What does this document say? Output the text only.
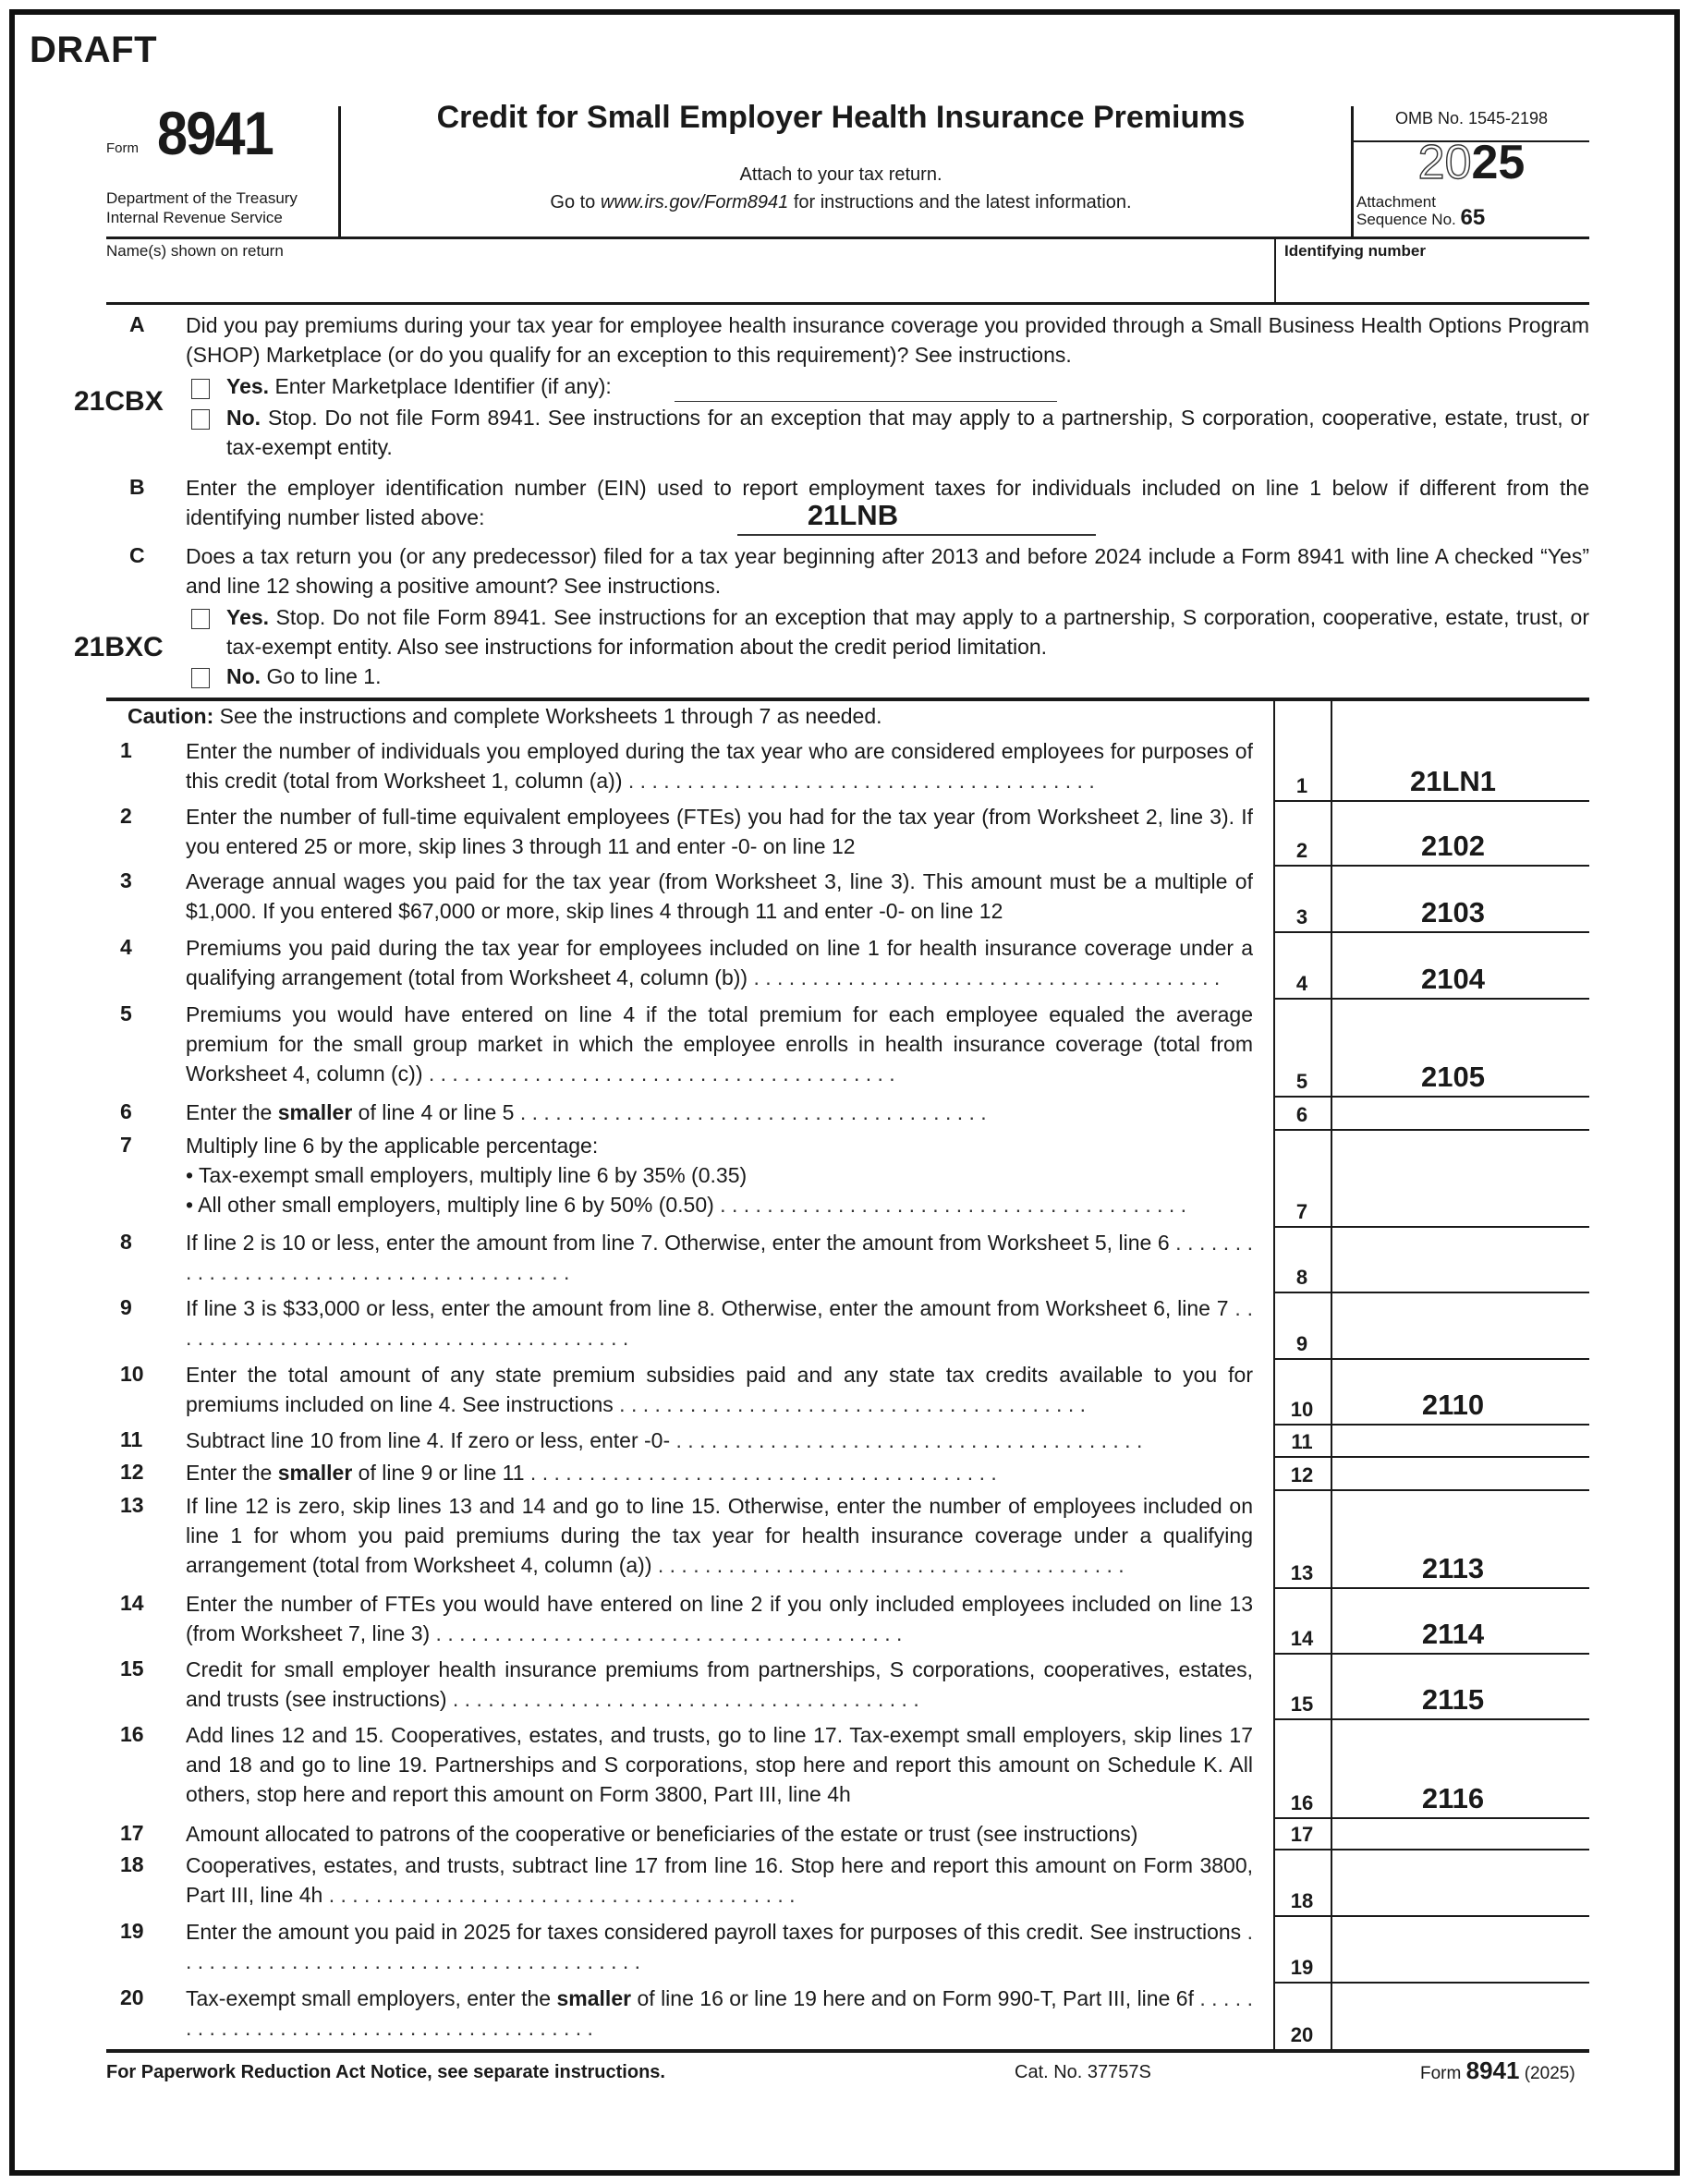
DRAFT
Form 8941
Department of the Treasury
Internal Revenue Service
Credit for Small Employer Health Insurance Premiums
Attach to your tax return.
Go to www.irs.gov/Form8941 for instructions and the latest information.
OMB No. 1545-2198
2025
Attachment
Sequence No. 65
Name(s) shown on return	Identifying number
A Did you pay premiums during your tax year for employee health insurance coverage you provided through a Small Business Health Options Program (SHOP) Marketplace (or do you qualify for an exception to this requirement)? See instructions.
21CBX	Yes. Enter Marketplace Identifier (if any):
No. Stop. Do not file Form 8941. See instructions for an exception that may apply to a partnership, S corporation, cooperative, estate, trust, or tax-exempt entity.
B Enter the employer identification number (EIN) used to report employment taxes for individuals included on line 1 below if different from the identifying number listed above:	21LNB
C Does a tax return you (or any predecessor) filed for a tax year beginning after 2013 and before 2024 include a Form 8941 with line A checked “Yes” and line 12 showing a positive amount? See instructions.
Yes. Stop. Do not file Form 8941. See instructions for an exception that may apply to a partnership, S corporation, cooperative, estate, trust, or tax-exempt entity. Also see instructions for information about the credit period limitation.
21BXC
No. Go to line 1.
Caution: See the instructions and complete Worksheets 1 through 7 as needed.
1	Enter the number of individuals you employed during the tax year who are considered employees for purposes of this credit (total from Worksheet 1, column (a)) . . . . . . . . . . . . . . . . . . . . . . . . . . . . . . . . . . . . . . . .	1	21LN1
2	Enter the number of full-time equivalent employees (FTEs) you had for the tax year (from Worksheet 2, line 3). If you entered 25 or more, skip lines 3 through 11 and enter -0- on line 12	2	2102
3	Average annual wages you paid for the tax year (from Worksheet 3, line 3). This amount must be a multiple of $1,000. If you entered $67,000 or more, skip lines 4 through 11 and enter -0- on line 12	3	2103
4	Premiums you paid during the tax year for employees included on line 1 for health insurance coverage under a qualifying arrangement (total from Worksheet 4, column (b)) . . . . . . . . . . . . . . . . . . . . . . . . . . . . . . . . . . . . . . . .	4	2104
5	Premiums you would have entered on line 4 if the total premium for each employee equaled the average premium for the small group market in which the employee enrolls in health insurance coverage (total from Worksheet 4, column (c)) . . . . . . . . . . . . . . . . . . . . . . . . . . . . . . . . . . . . . . . .	5	2105
6	Enter the smaller of line 4 or line 5 . . . . . . . . . . . . . . . . . . . . . . . . . . . . . . . . . . . . . . . .	6
7	Multiply line 6 by the applicable percentage:
• Tax-exempt small employers, multiply line 6 by 35% (0.35)
• All other small employers, multiply line 6 by 50% (0.50) . . . . . . . . . . . . . . . . . . . . . . . . . . . . . . . . . . . . . . . .	7
8	If line 2 is 10 or less, enter the amount from line 7. Otherwise, enter the amount from Worksheet 5, line 6 . . . . . . . . . . . . . . . . . . . . . . . . . . . . . . . . . . . . . . . .	8
9	If line 3 is $33,000 or less, enter the amount from line 8. Otherwise, enter the amount from Worksheet 6, line 7 . . . . . . . . . . . . . . . . . . . . . . . . . . . . . . . . . . . . . . . .	9
10	Enter the total amount of any state premium subsidies paid and any state tax credits available to you for premiums included on line 4. See instructions . . . . . . . . . . . . . . . . . . . . . . . . . . . . . . . . . . . . . . . .	10	2110
11	Subtract line 10 from line 4. If zero or less, enter -0- . . . . . . . . . . . . . . . . . . . . . . . . . . . . . . . . . . . . . . . .	11
12	Enter the smaller of line 9 or line 11 . . . . . . . . . . . . . . . . . . . . . . . . . . . . . . . . . . . . . . . .	12
13	If line 12 is zero, skip lines 13 and 14 and go to line 15. Otherwise, enter the number of employees included on line 1 for whom you paid premiums during the tax year for health insurance coverage under a qualifying arrangement (total from Worksheet 4, column (a)) . . . . . . . . . . . . . . . . . . . . . . . . . . . . . . . . . . . . . . . .	13	2113
14	Enter the number of FTEs you would have entered on line 2 if you only included employees included on line 13 (from Worksheet 7, line 3) . . . . . . . . . . . . . . . . . . . . . . . . . . . . . . . . . . . . . . . .	14	2114
15	Credit for small employer health insurance premiums from partnerships, S corporations, cooperatives, estates, and trusts (see instructions) . . . . . . . . . . . . . . . . . . . . . . . . . . . . . . . . . . . . . . . .	15	2115
16	Add lines 12 and 15. Cooperatives, estates, and trusts, go to line 17. Tax-exempt small employers, skip lines 17 and 18 and go to line 19. Partnerships and S corporations, stop here and report this amount on Schedule K. All others, stop here and report this amount on Form 3800, Part III, line 4h	16	2116
17	Amount allocated to patrons of the cooperative or beneficiaries of the estate or trust (see instructions)	17
18	Cooperatives, estates, and trusts, subtract line 17 from line 16. Stop here and report this amount on Form 3800, Part III, line 4h . . . . . . . . . . . . . . . . . . . . . . . . . . . . . . . . . . . . . . . .	18
19	Enter the amount you paid in 2025 for taxes considered payroll taxes for purposes of this credit. See instructions . . . . . . . . . . . . . . . . . . . . . . . . . . . . . . . . . . . . . . . .	19
20	Tax-exempt small employers, enter the smaller of line 16 or line 19 here and on Form 990-T, Part III, line 6f . . . . . . . . . . . . . . . . . . . . . . . . . . . . . . . . . . . . . . . .	20
For Paperwork Reduction Act Notice, see separate instructions.	Cat. No. 37757S	Form 8941 (2025)
